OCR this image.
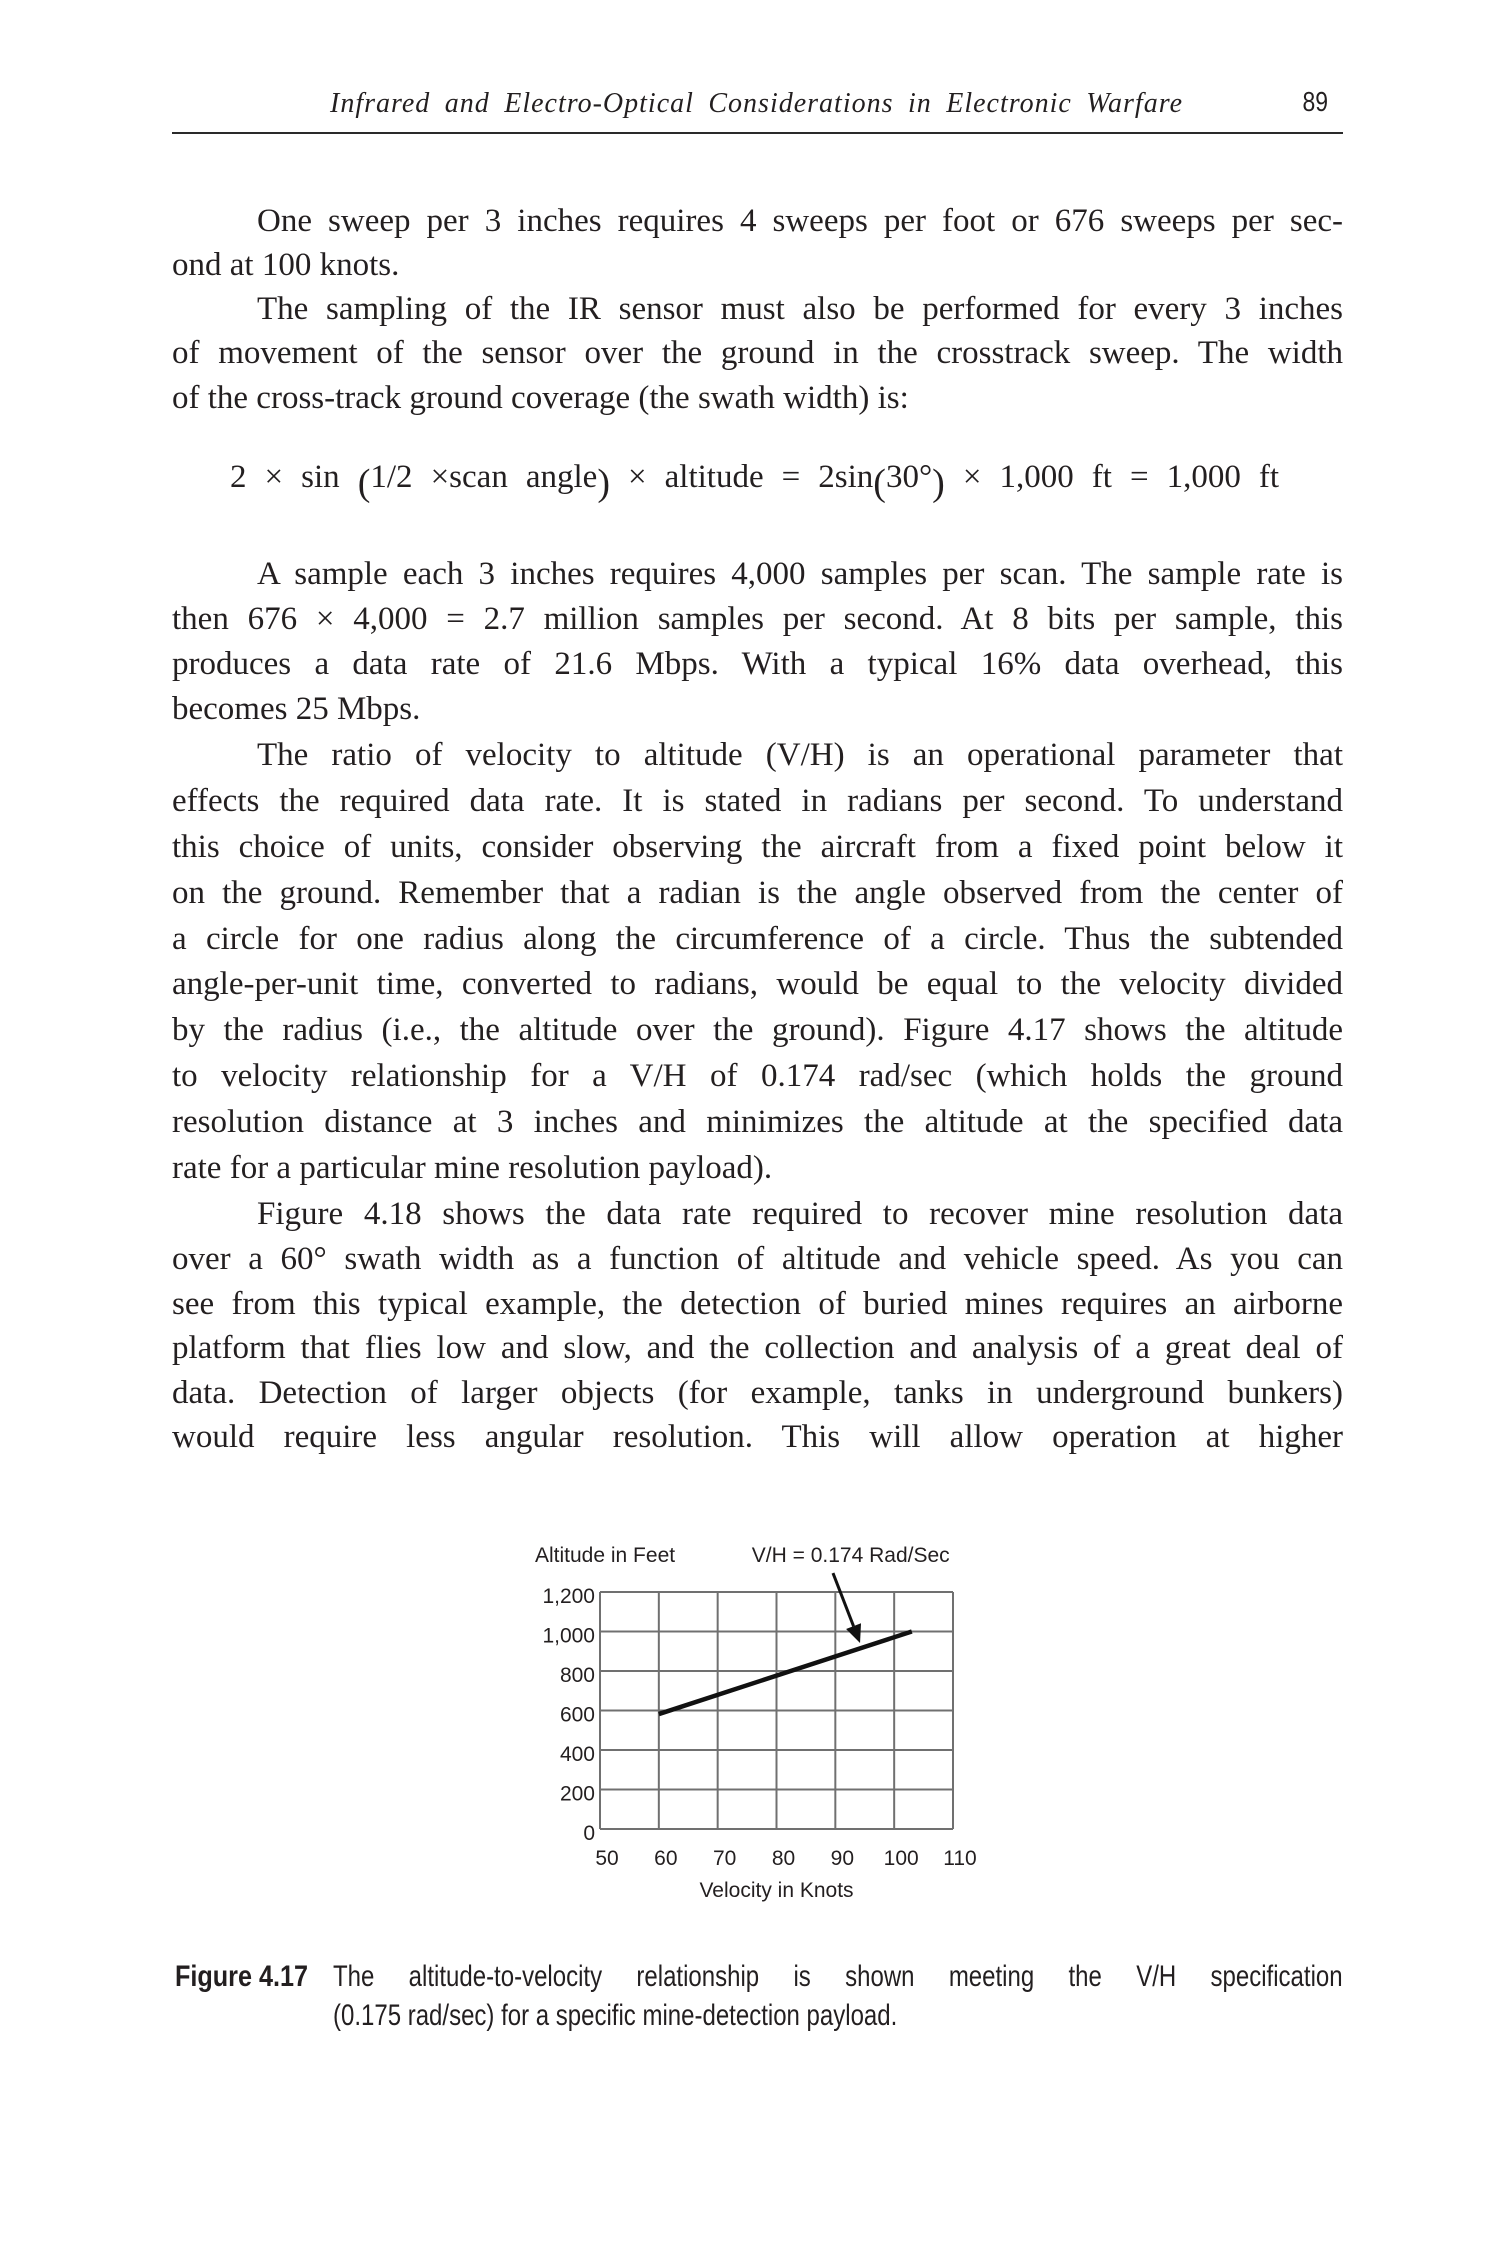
Infrared and Electro-Optical Considerations in Electronic Warfare	89
One sweep per 3 inches requires 4 sweeps per foot or 676 sweeps per sec-
ond at 100 knots.
The sampling of the IR sensor must also be performed for every 3 inches
of movement of the sensor over the ground in the crosstrack sweep. The width
of the cross-track ground coverage (the swath width) is:
2 × sin (1/2 ×scan angle) × altitude = 2sin(30°) × 1,000 ft = 1,000 ft
A sample each 3 inches requires 4,000 samples per scan. The sample rate is
then 676 × 4,000 = 2.7 million samples per second. At 8 bits per sample, this
produces a data rate of 21.6 Mbps. With a typical 16% data overhead, this
becomes 25 Mbps.
The ratio of velocity to altitude (V/H) is an operational parameter that
effects the required data rate. It is stated in radians per second. To understand
this choice of units, consider observing the aircraft from a fixed point below it
on the ground. Remember that a radian is the angle observed from the center of
a circle for one radius along the circumference of a circle. Thus the subtended
angle-per-unit time, converted to radians, would be equal to the velocity divided
by the radius (i.e., the altitude over the ground). Figure 4.17 shows the altitude
to velocity relationship for a V/H of 0.174 rad/sec (which holds the ground
resolution distance at 3 inches and minimizes the altitude at the specified data
rate for a particular mine resolution payload).
Figure 4.18 shows the data rate required to recover mine resolution data
over a 60° swath width as a function of altitude and vehicle speed. As you can
see from this typical example, the detection of buried mines requires an airborne
platform that flies low and slow, and the collection and analysis of a great deal of
data. Detection of larger objects (for example, tanks in underground bunkers)
would require less angular resolution. This will allow operation at higher
50 60 70 80 90 100 110
0
200
400
600
800
1,000
1,200
V/H = 0.174 Rad/Sec
Velocity in Knots
Altitude in Feet
Figure 4.17 The altitude-to-velocity relationship is shown meeting the V/H specification
(0.175 rad/sec) for a specific mine-detection payload.
